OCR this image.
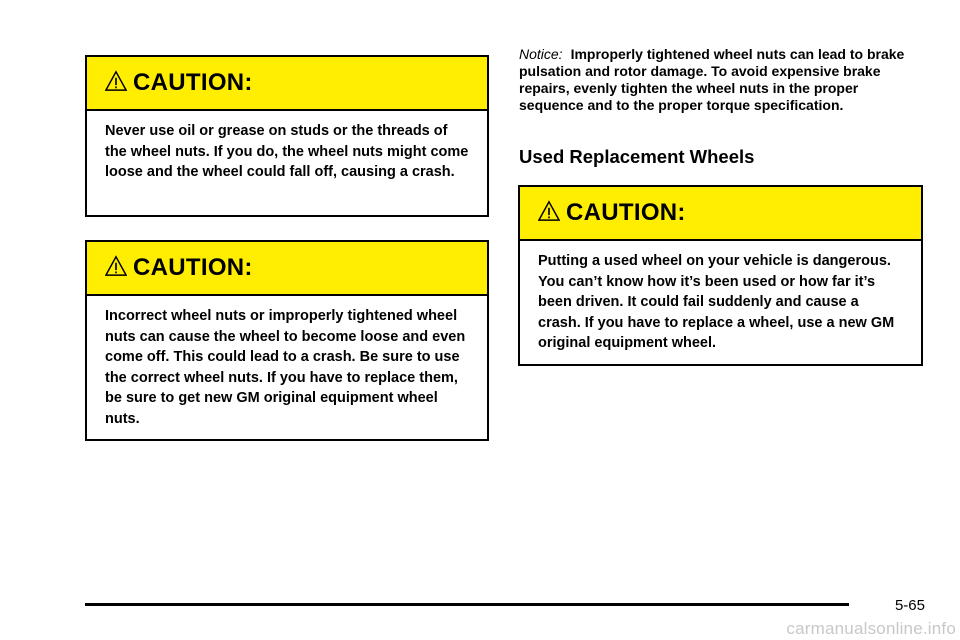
CAUTION:
Never use oil or grease on studs or the threads of the wheel nuts. If you do, the wheel nuts might come loose and the wheel could fall off, causing a crash.
CAUTION:
Incorrect wheel nuts or improperly tightened wheel nuts can cause the wheel to become loose and even come off. This could lead to a crash. Be sure to use the correct wheel nuts. If you have to replace them, be sure to get new GM original equipment wheel nuts.
Notice: Improperly tightened wheel nuts can lead to brake pulsation and rotor damage. To avoid expensive brake repairs, evenly tighten the wheel nuts in the proper sequence and to the proper torque specification.
Used Replacement Wheels
CAUTION:
Putting a used wheel on your vehicle is dangerous. You can’t know how it’s been used or how far it’s been driven. It could fail suddenly and cause a crash. If you have to replace a wheel, use a new GM original equipment wheel.
5-65
carmanualsonline.info
